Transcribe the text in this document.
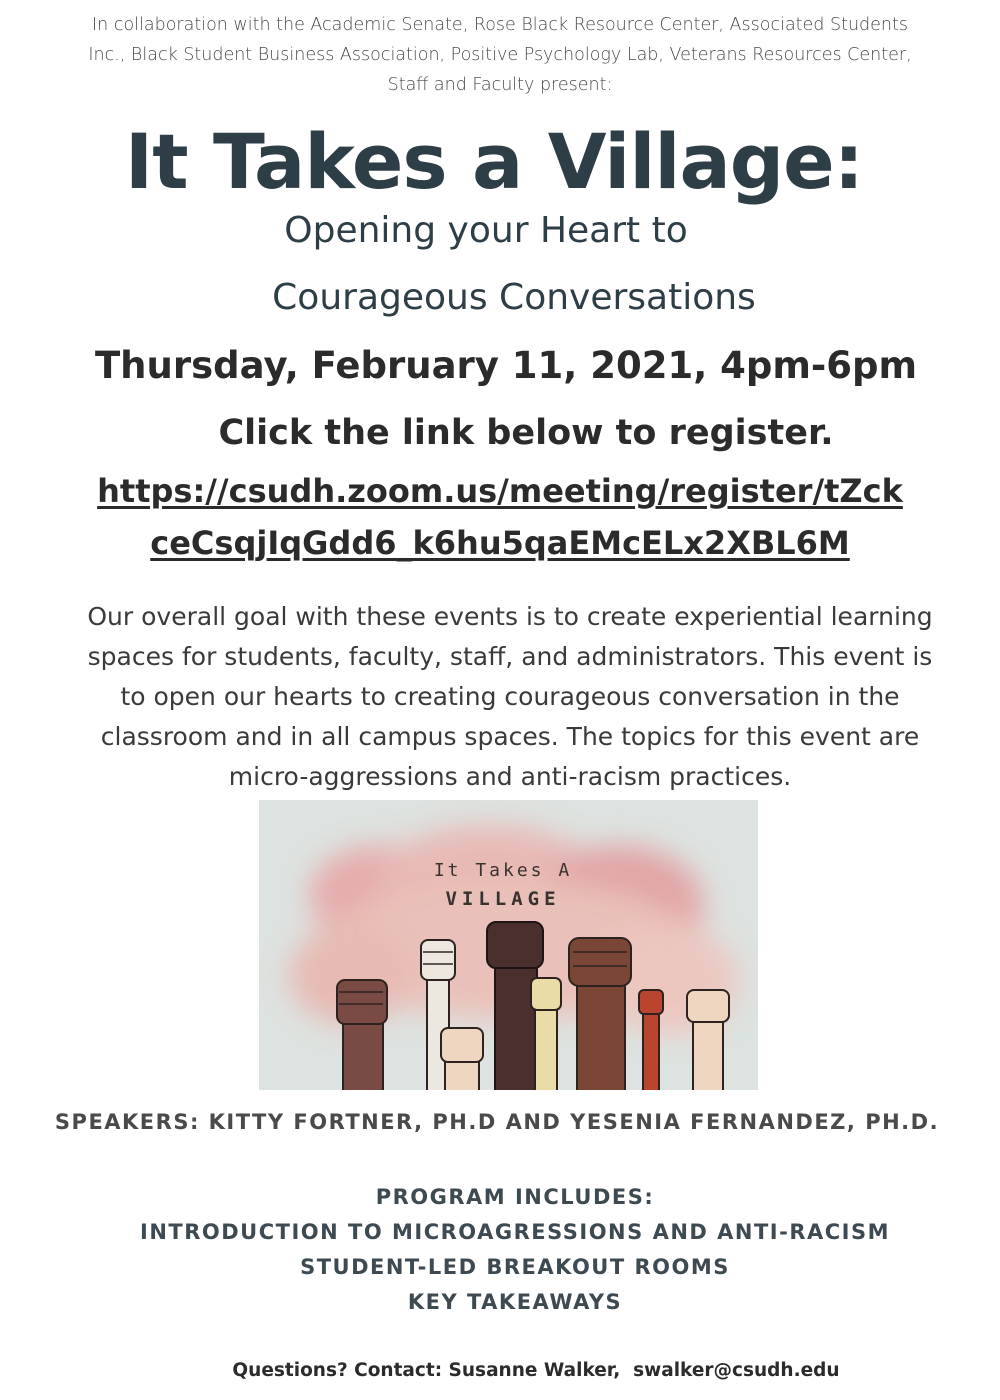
In collaboration with the Academic Senate, Rose Black Resource Center, Associated Students
Inc., Black Student Business Association, Positive Psychology Lab, Veterans Resources Center,
Staff and Faculty present:
It Takes a Village:
Opening your Heart to
Courageous Conversations
Thursday, February 11, 2021, 4pm-6pm
Click the link below to register.
https://csudh.zoom.us/meeting/register/tZck
ceCsqjIqGdd6_k6hu5qaEMcELx2XBL6M
Our overall goal with these events is to create experiential learning
spaces for students, faculty, staff, and administrators. This event is
to open our hearts to creating courageous conversation in the
classroom and in all campus spaces. The topics for this event are
micro-aggressions and anti-racism practices.
It Takes A
VILLAGE
SPEAKERS: KITTY FORTNER, PH.D AND YESENIA FERNANDEZ, PH.D.
PROGRAM INCLUDES:
INTRODUCTION TO MICROAGRESSIONS AND ANTI-RACISM
STUDENT-LED BREAKOUT ROOMS
KEY TAKEAWAYS
Questions? Contact: Susanne Walker,  swalker@csudh.edu
